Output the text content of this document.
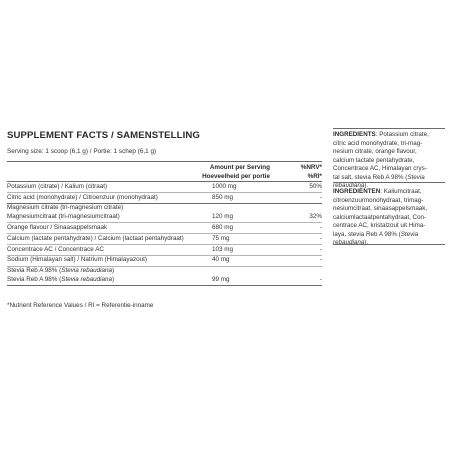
SUPPLEMENT FACTS / SAMENSTELLING
Serving size: 1 scoop (6,1 g) / Portie: 1 schep (6,1 g)
Amount per Serving
Hoeveelheid per portie
%NRV*
%RI*
Potassium (citrate) / Kalium (citraat)	1000 mg	50%
Citric acid (monohydrate) / Citroenzuur (monohydraat)	850 mg	-
Magnesium citrate (tri-magnesium citrate)
Magnesiumcitraat (tri-magnesiumcitraat)	120 mg	32%
Orange flavour / Sinaasappelsmaak	680 mg	-
Calcium (lactate pentahydrate) / Calcium (lactaat pentahydraat)	75 mg	-
Concentrace AC / Concentrace AC	103 mg	-
Sodium (Himalayan salt) / Natrium (Himalayazout)	40 mg	-
Stevia Reb A 98% (Stevia rebaudiana)
Stevia Reb A 98% (Stevia rebaudiana)	99 mg	-
*Nutrient Reference Values / RI = Referentie-inname
INGREDIENTS: Potassium citrate,
citric acid monohydrate, tri-mag-
nesium citrate, orange flavour,
calcium lactate pentahydrate,
Concentrace AC, Himalayan crys-
tal salt, stevia Reb A 98% (Stevia
rebaudiana).
INGREDIËNTEN: Kaliumcitraat,
citroenzuurmonohydraat, trimag-
nesiumcitraat, sinaasappelsmaak,
calciumlactaatpentahydraat, Con-
centrace AC, kristalzout uit Hima-
laya, stevia Reb A 98% (Stevia
rebaudiana).
